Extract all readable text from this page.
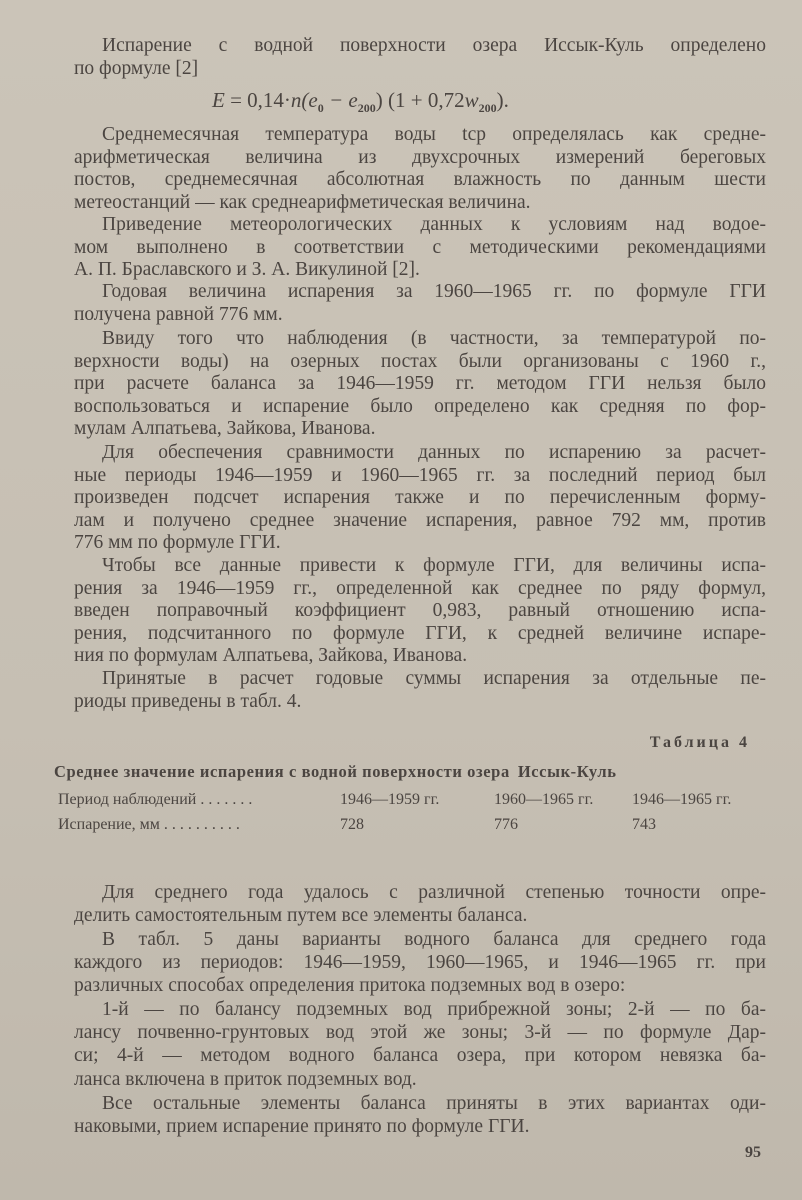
Испарение с водной поверхности озера Иссык-Куль определено
по формуле [2]
$E = 0,14\cdot n(e_0 - e_{200}) (1 + 0,72w_{200})$.
Среднемесячная температура воды tср определялась как средне-
арифметическая величина из двухсрочных измерений береговых
постов, среднемесячная абсолютная влажность по данным шести
метеостанций — как среднеарифметическая величина.
Приведение метеорологических данных к условиям над водое-
мом выполнено в соответствии с методическими рекомендациями
А. П. Браславского и З. А. Викулиной [2].
Годовая величина испарения за 1960—1965 гг. по формуле ГГИ
получена равной 776 мм.
Ввиду того что наблюдения (в частности, за температурой по-
верхности воды) на озерных постах были организованы с 1960 г.,
при расчете баланса за 1946—1959 гг. методом ГГИ нельзя было
воспользоваться и испарение было определено как средняя по фор-
мулам Алпатьева, Зайкова, Иванова.
Для обеспечения сравнимости данных по испарению за расчет-
ные периоды 1946—1959 и 1960—1965 гг. за последний период был
произведен подсчет испарения также и по перечисленным форму-
лам и получено среднее значение испарения, равное 792 мм, против
776 мм по формуле ГГИ.
Чтобы все данные привести к формуле ГГИ, для величины испа-
рения за 1946—1959 гг., определенной как среднее по ряду формул,
введен поправочный коэффициент 0,983, равный отношению испа-
рения, подсчитанного по формуле ГГИ, к средней величине испаре-
ния по формулам Алпатьева, Зайкова, Иванова.
Принятые в расчет годовые суммы испарения за отдельные пе-
риоды приведены в табл. 4.
Таблица 4
Среднее значение испарения с водной поверхности озера Иссык-Куль
Период наблюдений . . . . . . .	1946—1959 гг.	1960—1965 гг. 1946—1965 гг.
Испарение, мм . . . . . . . . . .	728	776	743
Для среднего года удалось с различной степенью точности опре-
делить самостоятельным путем все элементы баланса.
В табл. 5 даны варианты водного баланса для среднего года
каждого из периодов: 1946—1959, 1960—1965, и 1946—1965 гг. при
различных способах определения притока подземных вод в озеро:
1-й — по балансу подземных вод прибрежной зоны; 2-й — по ба-
лансу почвенно-грунтовых вод этой же зоны; 3-й — по формуле Дар-
си; 4-й — методом водного баланса озера, при котором невязка ба-
ланса включена в приток подземных вод.
Все остальные элементы баланса приняты в этих вариантах оди-
наковыми, прием испарение принято по формуле ГГИ.
95
